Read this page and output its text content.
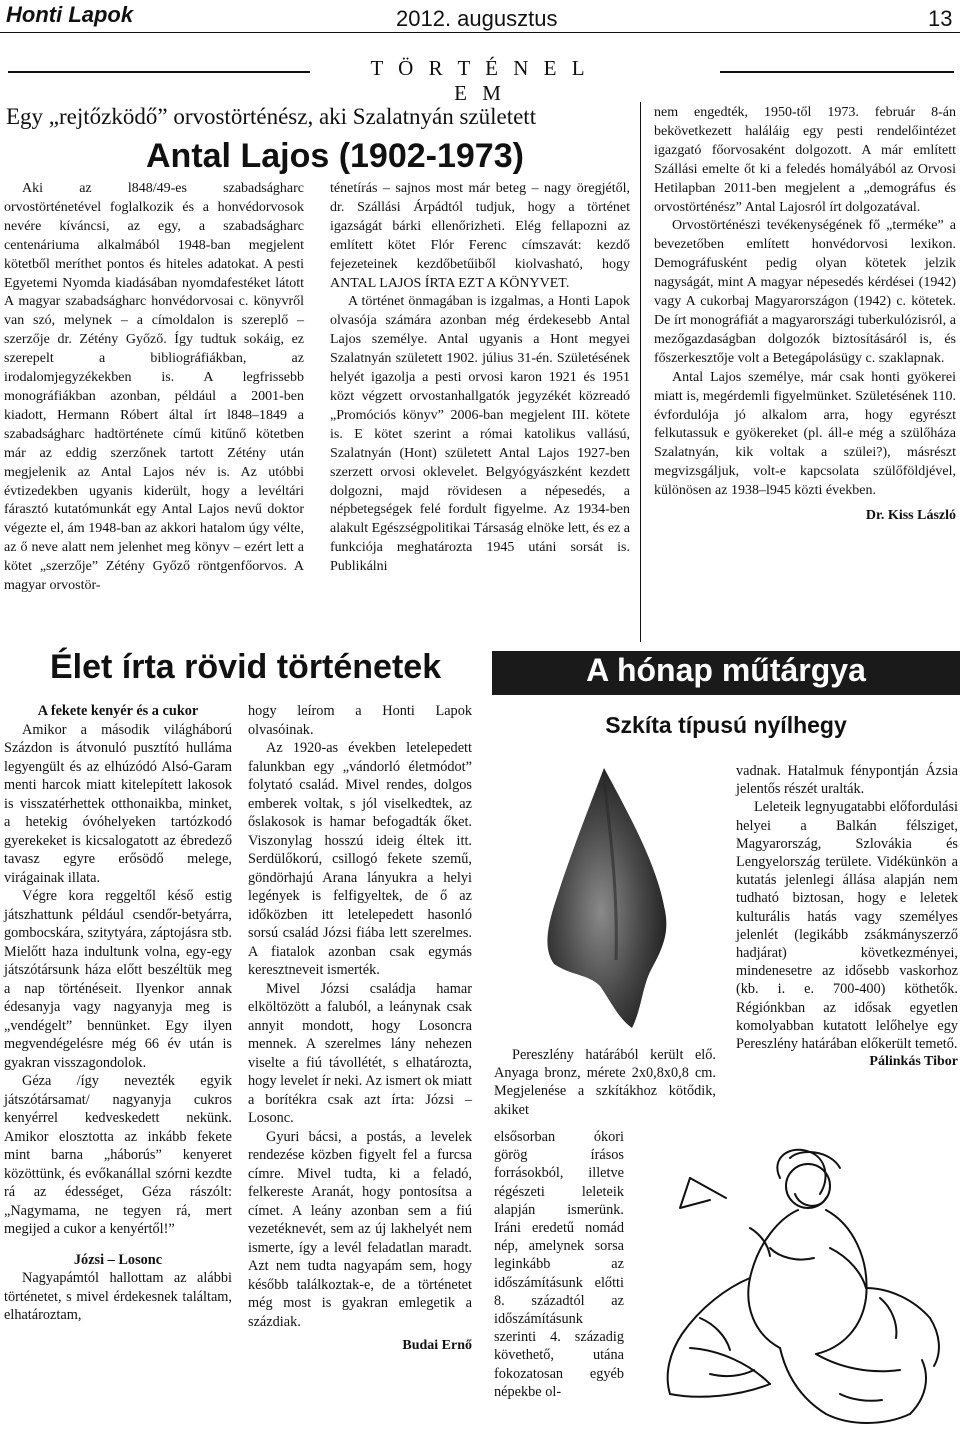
Honti Lapok	2012. augusztus	13
T Ö R T É N E L E M
Egy „rejtőzködő” orvostörténész, aki Szalatnyán született
Antal Lajos (1902-1973)

Aki az l848/49-es szabadságharc orvostörténetével foglalkozik és a honvédorvosok nevére kíváncsi, az egy, a szabadságharc centenáriuma alkalmából 1948-ban megjelent kötetből meríthet pontos és hiteles adatokat. A pesti Egyetemi Nyomda kiadásában nyomdafestéket látott A magyar szabadságharc honvédorvosai c. könyvről van szó, melynek – a címoldalon is szereplő – szerzője dr. Zétény Győző. Így tudtuk sokáig, ez szerepelt a bibliográfiákban, az irodalomjegyzékekben is. A legfrissebb monográfiákban azonban, például a 2001-ben kiadott, Hermann Róbert által írt l848–1849 a szabadságharc hadtörténete című kitűnő kötetben már az eddig szerzőnek tartott Zétény után megjelenik az Antal Lajos név is. Az utóbbi évtizedekben ugyanis kiderült, hogy a levéltári fárasztó kutatómunkát egy Antal Lajos nevű doktor végezte el, ám 1948-ban az akkori hatalom úgy vélte, az ő neve alatt nem jelenhet meg könyv – ezért lett a kötet „szerzője” Zétény Győző röntgenfőorvos. A magyar orvostör-

ténetírás – sajnos most már beteg – nagy öregjétől, dr. Szállási Árpádtól tudjuk, hogy a történet igazságát bárki ellenőrizheti. Elég fellapozni az említett kötet Flór Ferenc címszavát: kezdő fejezeteinek kezdőbetűiből kiolvasható, hogy ANTAL LAJOS ÍRTA EZT A KÖNYVET.

A történet önmagában is izgalmas, a Honti Lapok olvasója számára azonban még érdekesebb Antal Lajos személye. Antal ugyanis a Hont megyei Szalatnyán született 1902. július 31-én. Születésének helyét igazolja a pesti orvosi karon 1921 és 1951 közt végzett orvostanhallgatók jegyzékét közreadó „Promóciós könyv” 2006-ban megjelent III. kötete is. E kötet szerint a római katolikus vallású, Szalatnyán (Hont) született Antal Lajos 1927-ben szerzett orvosi oklevelet. Belgyógyászként kezdett dolgozni, majd rövidesen a népesedés, a népbetegségek felé fordult figyelme. Az 1934-ben alakult Egészségpolitikai Társaság elnöke lett, és ez a funkciója meghatározta 1945 utáni sorsát is. Publikálni

nem engedték, 1950-től 1973. február 8-án bekövetkezett haláláig egy pesti rendelőintézet igazgató főorvosaként dolgozott. A már említett Szállási emelte őt ki a feledés homályából az Orvosi Hetilapban 2011-ben megjelent a „demográfus és orvostörténész” Antal Lajosról írt dolgozatával.

Orvostörténészi tevékenységének fő „terméke” a bevezetőben említett honvédorvosi lexikon. Demográfusként pedig olyan kötetek jelzik nagyságát, mint A magyar népesedés kérdései (1942) vagy A cukorbaj Magyarországon (1942) c. kötetek. De írt monográfiát a magyarországi tuberkulózisról, a mezőgazdaságban dolgozók biztosításáról is, és főszerkesztője volt a Betegápolásügy c. szaklapnak.

Antal Lajos személye, már csak honti gyökerei miatt is, megérdemli figyelmünket. Születésének 110. évfordulója jó alkalom arra, hogy egyrészt felkutassuk e gyökereket (pl. áll-e még a szülőháza Szalatnyán, kik voltak a szülei?), másrészt megvizsgáljuk, volt-e kapcsolata szülőföldjével, különösen az 1938–l945 közti években.

Dr. Kiss László

Élet írta rövid történetek

A fekete kenyér és a cukor

Amikor a második világháború Százdon is átvonuló pusztító hulláma legyengült és az elhúzódó Alsó-Garam menti harcok miatt kitelepített lakosok is visszatérhettek otthonaikba, minket, a hetekig óvóhelyeken tartózkodó gyerekeket is kicsalogatott az ébredező tavasz egyre erősödő melege, virágainak illata.

Végre kora reggeltől késő estig játszhattunk például csendőr-betyárra, gombocskára, szitytyára, záptojásra stb. Mielőtt haza indultunk volna, egy-egy játszótársunk háza előtt beszéltük meg a nap történéseit. Ilyenkor annak édesanyja vagy nagyanyja meg is „vendégelt” bennünket. Egy ilyen megvendégelésre még 66 év után is gyakran visszagondolok.

Géza /így nevezték egyik játszótársamat/ nagyanyja cukros kenyérrel kedveskedett nekünk. Amikor elosztotta az inkább fekete mint barna „háborús” kenyeret közöttünk, és evőkanállal szórni kezdte rá az édességet, Géza rászólt: „Nagymama, ne tegyen rá, mert megijed a cukor a kenyértől!”

Józsi – Losonc

Nagyapámtól hallottam az alábbi történetet, s mivel érdekesnek találtam, elhatároztam,

hogy leírom a Honti Lapok olvasóinak.

Az 1920-as években letelepedett falunkban egy „vándorló életmódot” folytató család. Mivel rendes, dolgos emberek voltak, s jól viselkedtek, az őslakosok is hamar befogadták őket. Viszonylag hosszú ideig éltek itt. Serdülőkorú, csillogó fekete szemű, göndörhajú Arana lányukra a helyi legények is felfigyeltek, de ő az időközben itt letelepedett hasonló sorsú család Józsi fiába lett szerelmes. A fiatalok azonban csak egymás keresztneveit ismerték.

Mivel Józsi családja hamar elköltözött a faluból, a leánynak csak annyit mondott, hogy Losoncra mennek. A szerelmes lány nehezen viselte a fiú távollétét, s elhatározta, hogy levelet ír neki. Az ismert ok miatt a borítékra csak azt írta: Józsi – Losonc.

Gyuri bácsi, a postás, a levelek rendezése közben figyelt fel a furcsa címre. Mivel tudta, ki a feladó, felkereste Aranát, hogy pontosítsa a címet. A leány azonban sem a fiú vezetéknevét, sem az új lakhelyét nem ismerte, így a levél feladatlan maradt. Azt nem tudta nagyapám sem, hogy később találkoztak-e, de a történetet még most is gyakran emlegetik a százdiak.

Budai Ernő

A hónap műtárgya
Szkíta típusú nyílhegy

Pereszlény határából került elő. Anyaga bronz, mérete 2x0,8x0,8 cm. Megjelenése a szkítákhoz kötődik, akiket

elsősorban ókori görög írásos forrásokból, illetve régészeti leleteik alapján ismerünk. Iráni eredetű nomád nép, amelynek sorsa leginkább az időszámításunk előtti 8. századtól az időszámításunk szerinti 4. századig követhető, utána fokozatosan egyéb népekbe ol-

vadnak. Hatalmuk fénypontján Ázsia jelentős részét uralták.

Leleteik legnyugatabbi előfordulási helyei a Balkán félsziget, Magyarország, Szlovákia és Lengyelország területe. Vidékünkön a kutatás jelenlegi állása alapján nem tudható biztosan, hogy e leletek kulturális hatás vagy személyes jelenlét (legikább zsákmányszerző hadjárat) következményei, mindenesetre az idősebb vaskorhoz (kb. i. e. 700-400) köthetők. Régiónkban az idősak egyetlen komolyabban kutatott lelőhelye egy Pereszlény határában előkerült temető.

Pálinkás Tibor
